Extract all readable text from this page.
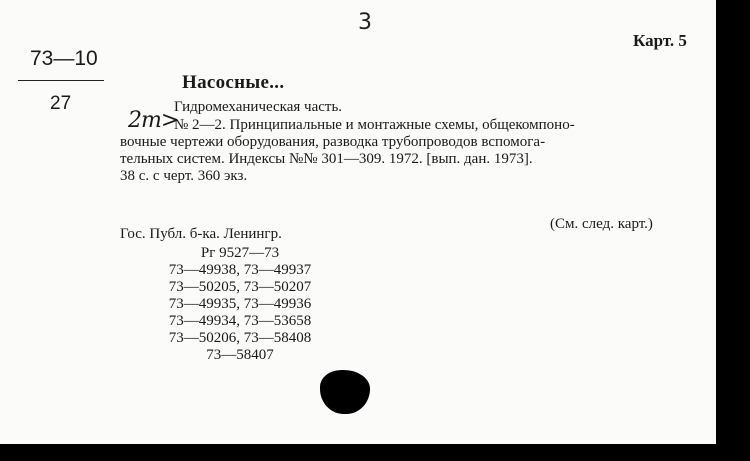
3
Карт. 5
73—10
27
Насосные...
Гидромеханическая часть.
2m>
№ 2—2. Принципиальные и монтажные схемы, общекомпоно-
вочные чертежи оборудования, разводка трубопроводов вспомога-
тельных систем. Индексы №№ 301—309. 1972. [вып. дан. 1973].
38 с. с черт. 360 экз.
(См. след. карт.)
Гос. Публ. б-ка. Ленингр.
Рг 9527—73
73—49938, 73—49937
73—50205, 73—50207
73—49935, 73—49936
73—49934, 73—53658
73—50206, 73—58408
73—58407
